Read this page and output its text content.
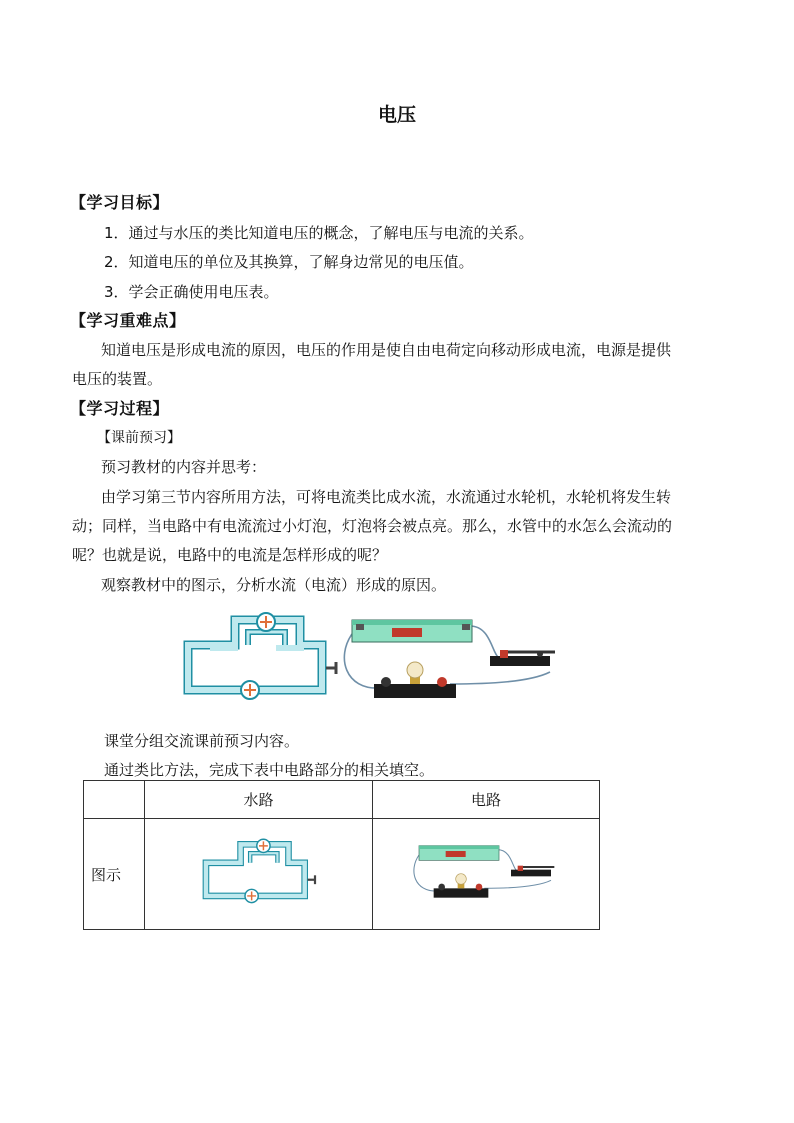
电压
【学习目标】
1．通过与水压的类比知道电压的概念，了解电压与电流的关系。
2．知道电压的单位及其换算，了解身边常见的电压值。
3．学会正确使用电压表。
【学习重难点】
知道电压是形成电流的原因，电压的作用是使自由电荷定向移动形成电流，电源是提供
电压的装置。
【学习过程】
【课前预习】
预习教材的内容并思考：
由学习第三节内容所用方法，可将电流类比成水流，水流通过水轮机，水轮机将发生转
动；同样，当电路中有电流流过小灯泡，灯泡将会被点亮。那么，水管中的水怎么会流动的
呢？也就是说，电路中的电流是怎样形成的呢？
观察教材中的图示，分析水流（电流）形成的原因。
课堂分组交流课前预习内容。
通过类比方法，完成下表中电路部分的相关填空。
	水路	电路
图示		
